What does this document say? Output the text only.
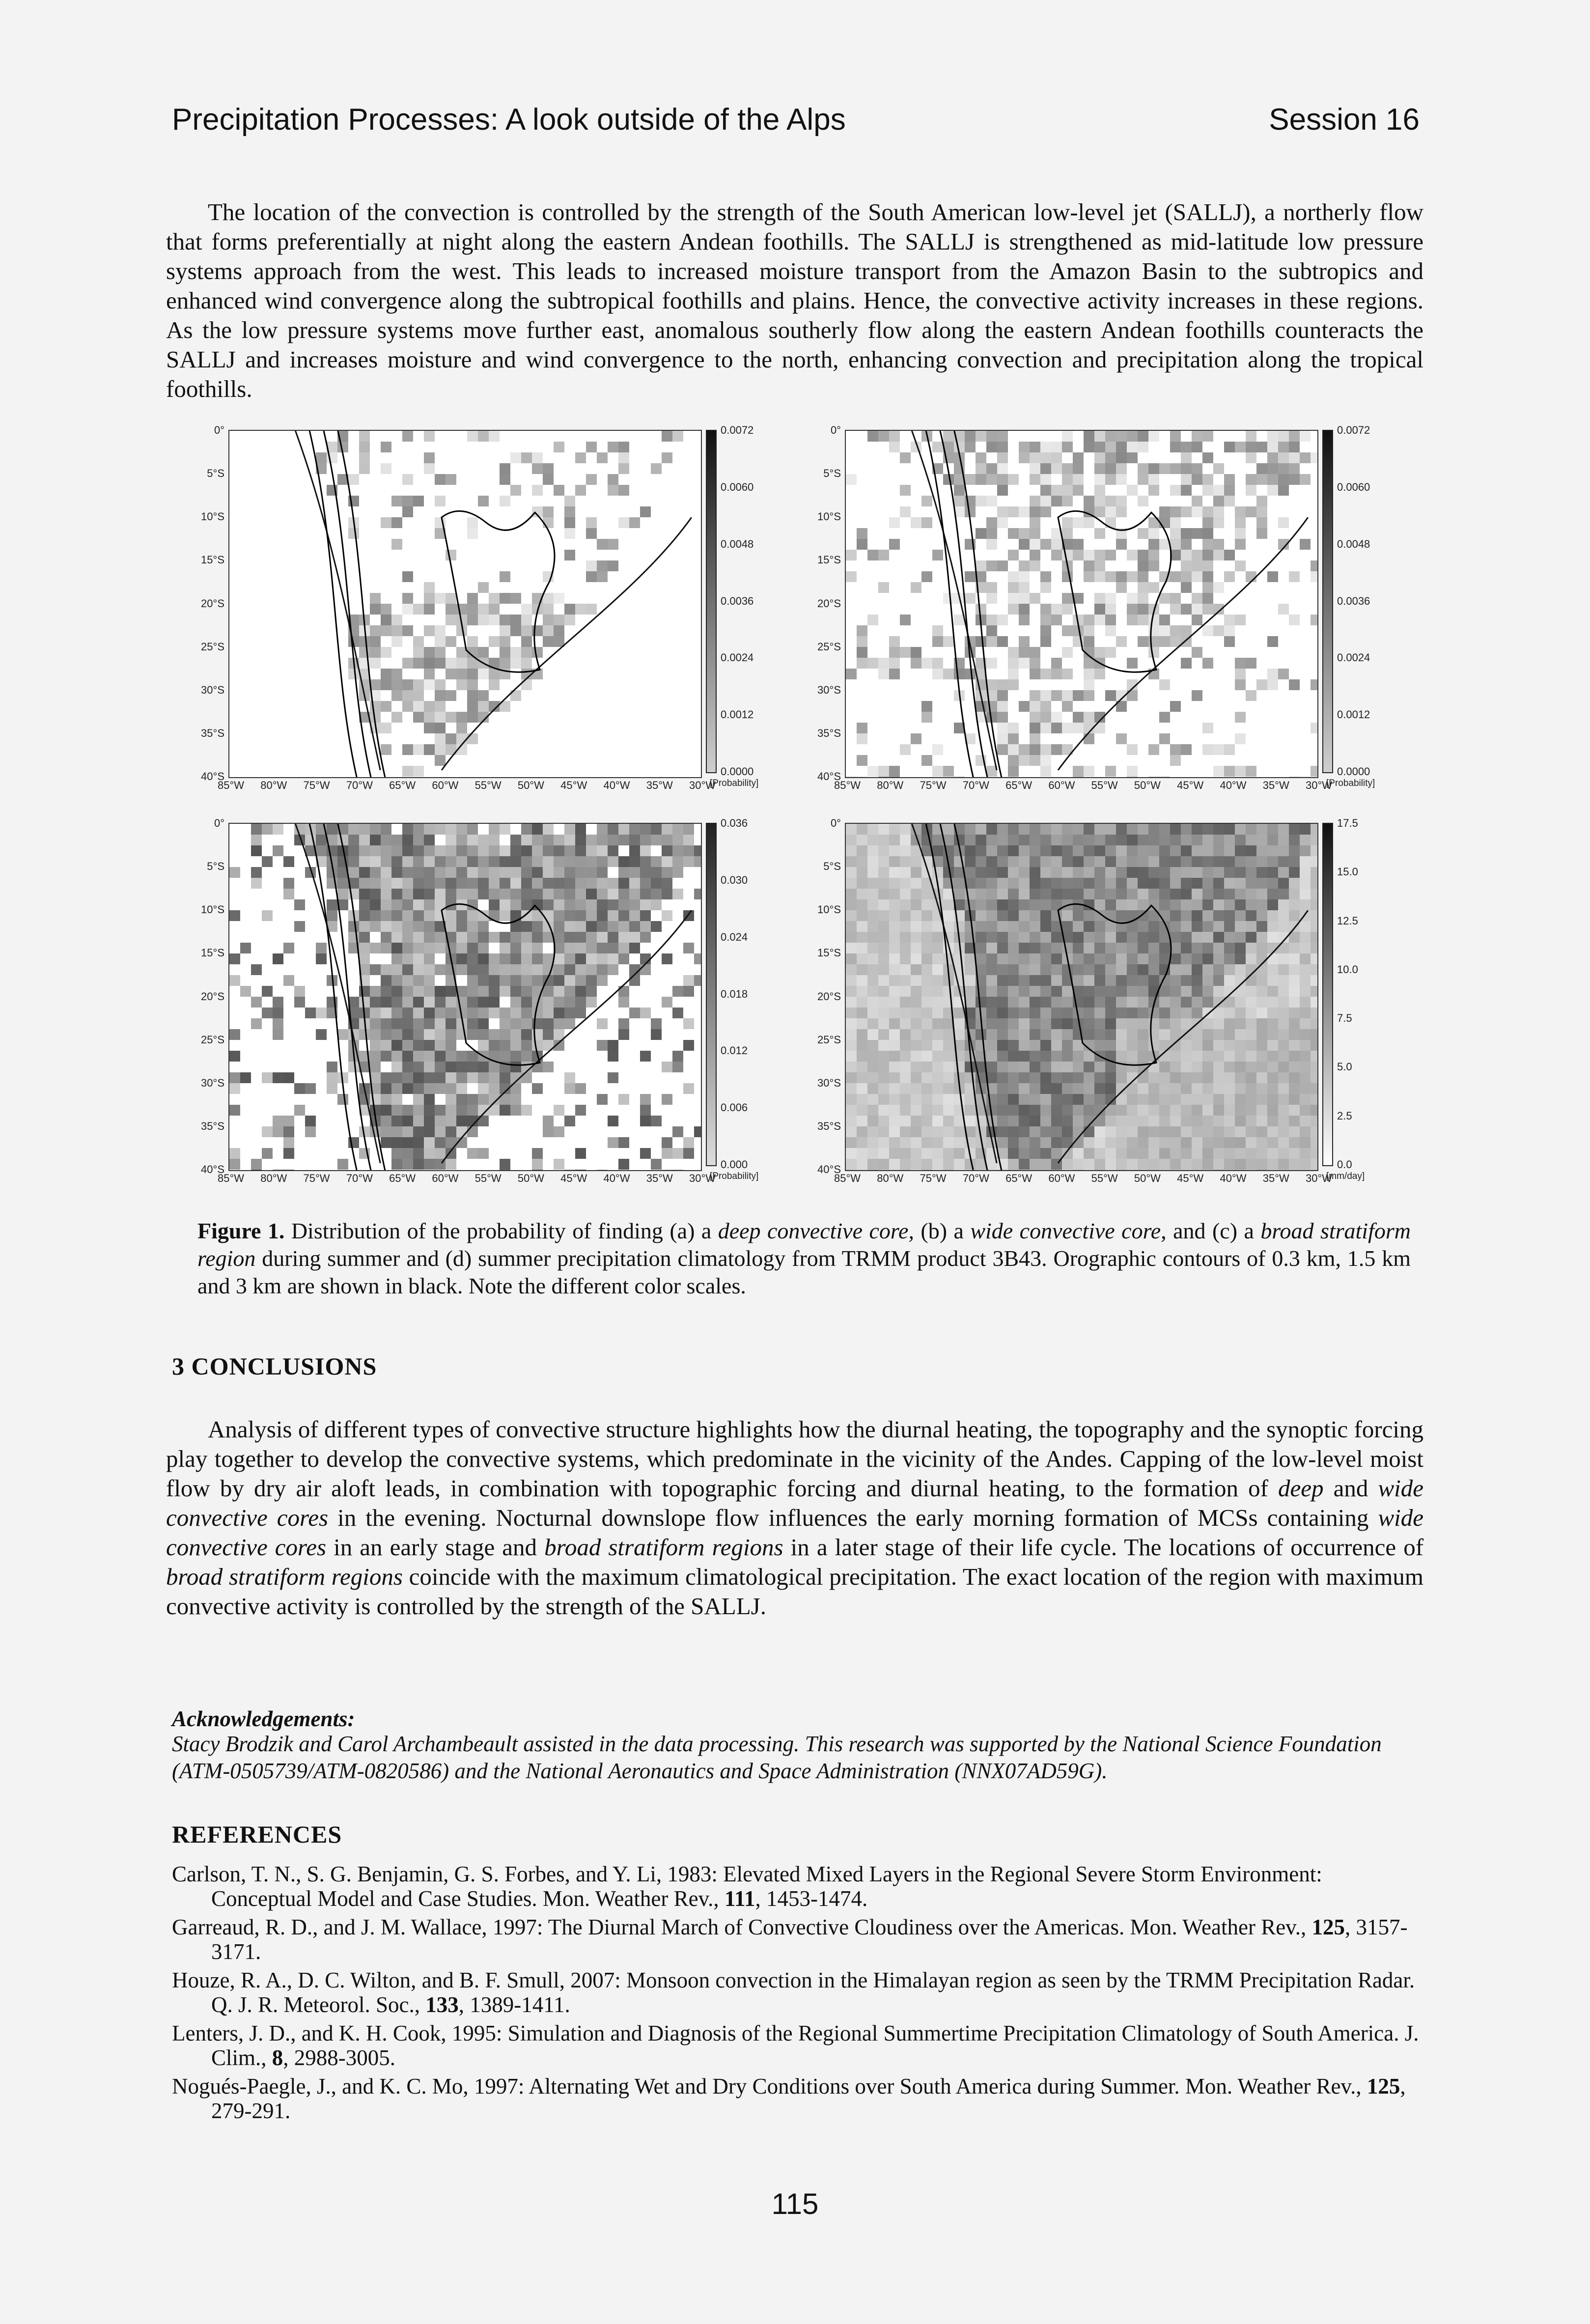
Precipitation Processes: A look outside of the Alps	Session 16
The location of the convection is controlled by the strength of the South American low-level jet (SALLJ), a northerly flow that forms preferentially at night along the eastern Andean foothills. The SALLJ is strengthened as mid-latitude low pressure systems approach from the west. This leads to increased moisture transport from the Amazon Basin to the subtropics and enhanced wind convergence along the subtropical foothills and plains. Hence, the convective activity increases in these regions. As the low pressure systems move further east, anomalous southerly flow along the eastern Andean foothills counteracts the SALLJ and increases moisture and wind convergence to the north, enhancing convection and precipitation along the tropical foothills.
0°
5°S
10°S
15°S
20°S
25°S
30°S
35°S
40°S
0.0072
0.0060
0.0048
0.0036
0.0024
0.0012
0.0000
[Probability]
85°W 80°W 75°W 70°W 65°W 60°W 55°W 50°W 45°W 40°W 35°W 30°W
0°
5°S
10°S
15°S
20°S
25°S
30°S
35°S
40°S
0.0072
0.0060
0.0048
0.0036
0.0024
0.0012
0.0000
[Probability]
85°W 80°W 75°W 70°W 65°W 60°W 55°W 50°W 45°W 40°W 35°W 30°W
0°
5°S
10°S
15°S
20°S
25°S
30°S
35°S
40°S
0.036
0.030
0.024
0.018
0.012
0.006
0.000
[Probability]
85°W 80°W 75°W 70°W 65°W 60°W 55°W 50°W 45°W 40°W 35°W 30°W
0°
5°S
10°S
15°S
20°S
25°S
30°S
35°S
40°S
17.5
15.0
12.5
10.0
7.5
5.0
2.5
0.0
[mm/day]
85°W 80°W 75°W 70°W 65°W 60°W 55°W 50°W 45°W 40°W 35°W 30°W
Figure 1. Distribution of the probability of finding (a) a deep convective core, (b) a wide convective core, and (c) a broad stratiform region during summer and (d) summer precipitation climatology from TRMM product 3B43. Orographic contours of 0.3 km, 1.5 km and 3 km are shown in black. Note the different color scales.
3 CONCLUSIONS
Analysis of different types of convective structure highlights how the diurnal heating, the topography and the synoptic forcing play together to develop the convective systems, which predominate in the vicinity of the Andes. Capping of the low-level moist flow by dry air aloft leads, in combination with topographic forcing and diurnal heating, to the formation of deep and wide convective cores in the evening. Nocturnal downslope flow influences the early morning formation of MCSs containing wide convective cores in an early stage and broad stratiform regions in a later stage of their life cycle. The locations of occurrence of broad stratiform regions coincide with the maximum climatological precipitation. The exact location of the region with maximum convective activity is controlled by the strength of the SALLJ.
Acknowledgements:
Stacy Brodzik and Carol Archambeault assisted in the data processing. This research was supported by the National Science Foundation (ATM-0505739/ATM-0820586) and the National Aeronautics and Space Administration (NNX07AD59G).
REFERENCES
Carlson, T. N., S. G. Benjamin, G. S. Forbes, and Y. Li, 1983: Elevated Mixed Layers in the Regional Severe Storm Environment: Conceptual Model and Case Studies. Mon. Weather Rev., 111, 1453-1474.
Garreaud, R. D., and J. M. Wallace, 1997: The Diurnal March of Convective Cloudiness over the Americas. Mon. Weather Rev., 125, 3157-3171.
Houze, R. A., D. C. Wilton, and B. F. Smull, 2007: Monsoon convection in the Himalayan region as seen by the TRMM Precipitation Radar. Q. J. R. Meteorol. Soc., 133, 1389-1411.
Lenters, J. D., and K. H. Cook, 1995: Simulation and Diagnosis of the Regional Summertime Precipitation Climatology of South America. J. Clim., 8, 2988-3005.
Nogués-Paegle, J., and K. C. Mo, 1997: Alternating Wet and Dry Conditions over South America during Summer. Mon. Weather Rev., 125, 279-291.
115
